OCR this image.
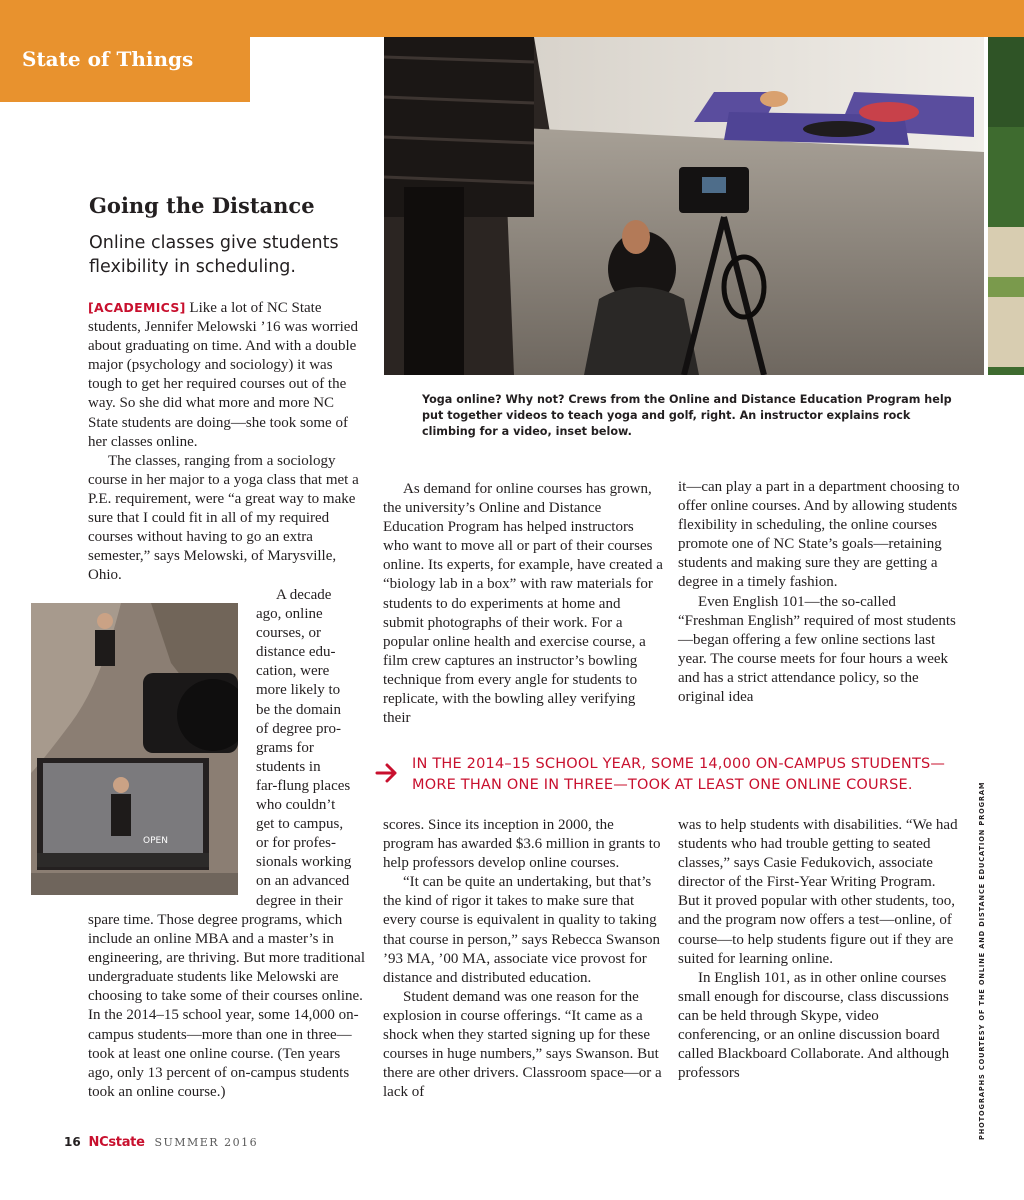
State of Things
Going the Distance

Online classes give students flexibility in scheduling.

Yoga online? Why not? Crews from the Online and Distance Education Program help put together videos to teach yoga and golf, right. An instructor explains rock climbing for a video, inset below.

[ACADEMICS] Like a lot of NC State students, Jennifer Melowski ’16 was worried about graduating on time. And with a double major (psychology and sociology) it was tough to get her required courses out of the way. So she did what more and more NC State students are doing—she took some of her classes online.

The classes, ranging from a sociology course in her major to a yoga class that met a P.E. requirement, were “a great way to make sure that I could fit in all of my required courses without having to go an extra semester,” says Melowski, of Marysville, Ohio.

OPEN
A decade
ago, online
courses, or
distance edu-
cation, were
more likely to
be the domain
of degree pro-
grams for
students in
far-flung places
who couldn’t
get to campus,
or for profes-
sionals working
on an advanced
degree in their

spare time. Those degree programs, which include an online MBA and a master’s in engineering, are thriving. But more traditional undergraduate students like Melowski are choosing to take some of their courses online. In the 2014–15 school year, some 14,000 on-campus students—more than one in three—took at least one online course. (Ten years ago, only 13 percent of on-campus students took an online course.)

As demand for online courses has grown, the university’s Online and Distance Education Program has helped instructors who want to move all or part of their courses online. Its experts, for example, have created a “biology lab in a box” with raw materials for students to do experiments at home and submit photographs of their work. For a popular online health and exercise course, a film crew captures an instructor’s bowling technique from every angle for students to replicate, with the bowling alley verifying their

it—can play a part in a department choosing to offer online courses. And by allowing students flexibility in scheduling, the online courses promote one of NC State’s goals—retaining students and making sure they are getting a degree in a timely fashion.

Even English 101—the so-called “Freshman English” required of most students—began offering a few online sections last year. The course meets for four hours a week and has a strict attendance policy, so the original idea

IN THE 2014–15 SCHOOL YEAR, SOME 14,000 ON-CAMPUS STUDENTS— MORE THAN ONE IN THREE—TOOK AT LEAST ONE ONLINE COURSE.

scores. Since its inception in 2000, the program has awarded $3.6 million in grants to help professors develop online courses.

“It can be quite an undertaking, but that’s the kind of rigor it takes to make sure that every course is equivalent in quality to taking that course in person,” says Rebecca Swanson ’93 MA, ’00 MA, associate vice provost for distance and distributed education.

Student demand was one reason for the explosion in course offerings. “It came as a shock when they started signing up for these courses in huge numbers,” says Swanson. But there are other drivers. Classroom space—or a lack of

was to help students with disabilities. “We had students who had trouble getting to seated classes,” says Casie Fedukovich, associate director of the First-Year Writing Program. But it proved popular with other students, too, and the program now offers a test—online, of course—to help students figure out if they are suited for learning online.

In English 101, as in other online courses small enough for discourse, class discussions can be held through Skype, video conferencing, or an online discussion board called Blackboard Collaborate. And although professors	PHOTOGRAPHS COURTESY OF THE ONLINE AND DISTANCE EDUCATION PROGRAM
16 NCstate SUMMER 2016
